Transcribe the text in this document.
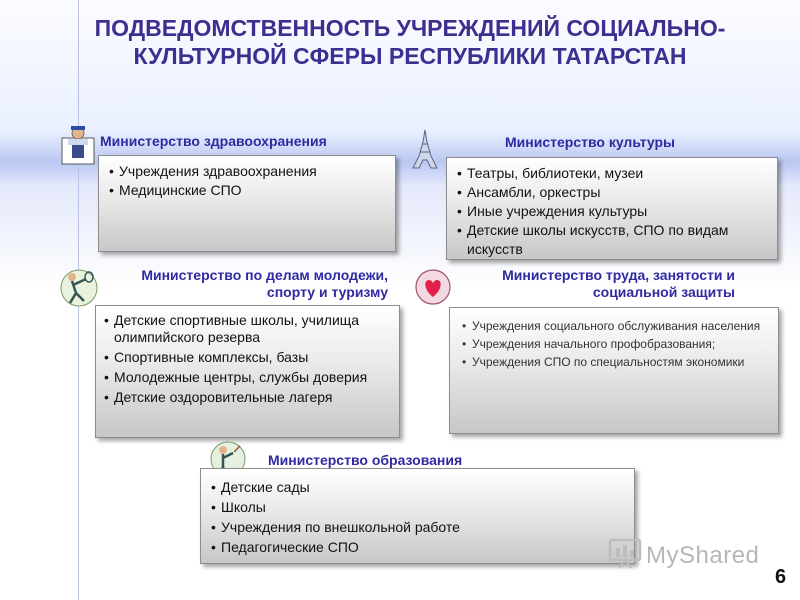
ПОДВЕДОМСТВЕННОСТЬ УЧРЕЖДЕНИЙ СОЦИАЛЬНО-
КУЛЬТУРНОЙ СФЕРЫ РЕСПУБЛИКИ ТАТАРСТАН
Министерство здравоохранения
• Учреждения здравоохранения
• Медицинские СПО
Министерство культуры
• Театры, библиотеки, музеи
• Ансамбли, оркестры
• Иные учреждения культуры
• Детские школы искусств, СПО по видам искусств
Министерство по делам молодежи,
спорту и туризму
• Детские спортивные школы, училища олимпийского резерва
• Спортивные комплексы, базы
• Молодежные центры, службы доверия
• Детские оздоровительные лагеря
Министерство труда, занятости и
социальной защиты
• Учреждения социального обслуживания населения
• Учреждения начального профобразования;
• Учреждения СПО по специальностям экономики
Министерство образования
• Детские сады
• Школы
• Учреждения по внешкольной работе
• Педагогические СПО	MyShared
6
